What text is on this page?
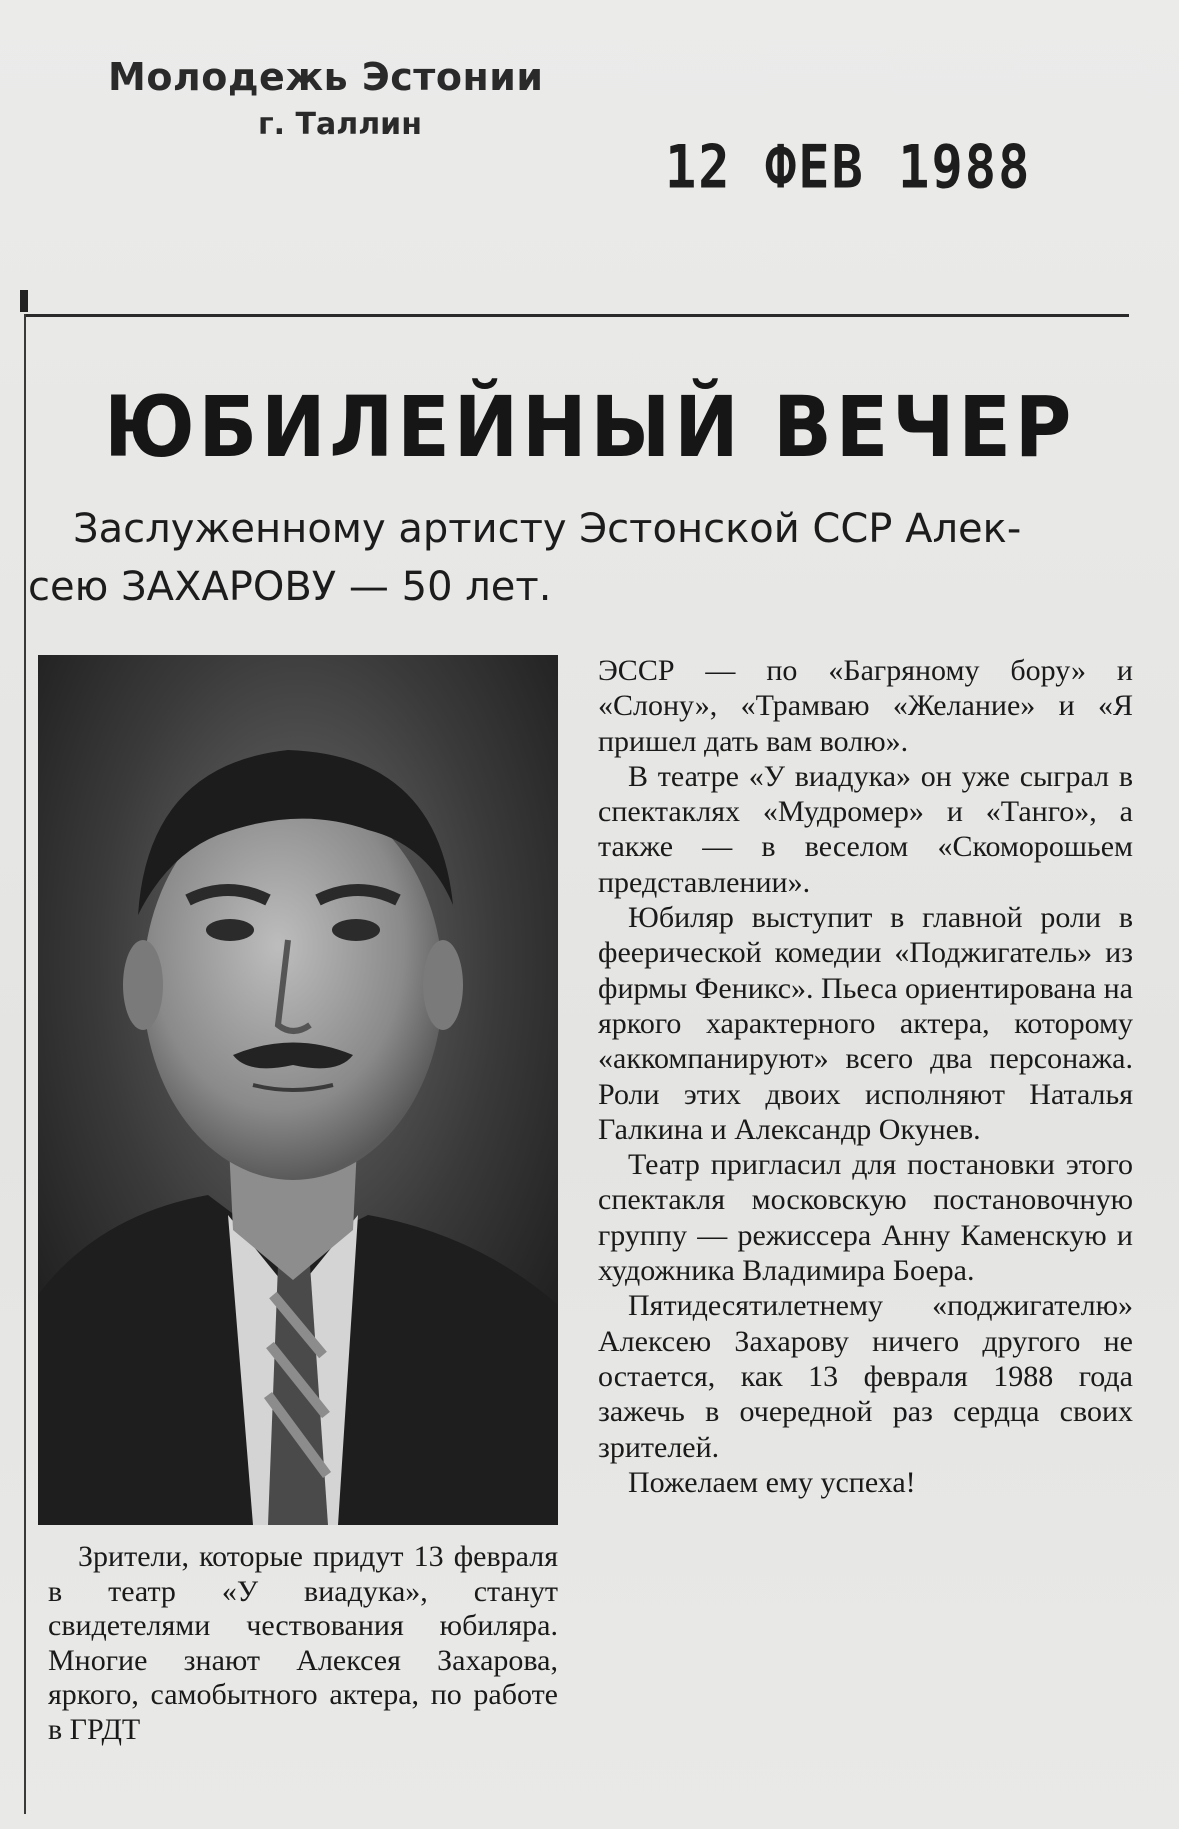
Молодежь Эстонии
г. Таллин
12 ФЕВ 1988
ЮБИЛЕЙНЫЙ ВЕЧЕР
Заслуженному артисту Эстонской ССР Алек-
сею ЗАХАРОВУ — 50 лет.

Зрители, которые придут 13 февраля в театр «У виадука», станут свидетелями чествования юбиляра. Многие знают Алексея Захарова, яркого, самобытного актера, по работе в ГРДТ

ЭССР — по «Багряному бору» и «Слону», «Трамваю «Желание» и «Я пришел дать вам волю».

В театре «У виадука» он уже сыграл в спектаклях «Мудромер» и «Танго», а также — в веселом «Скоморошьем представлении».

Юбиляр выступит в главной роли в феерической комедии «Поджигатель» из фирмы Феникс». Пьеса ориентирована на яркого характерного актера, которому «аккомпанируют» всего два персонажа. Роли этих двоих исполняют Наталья Галкина и Александр Окунев.

Театр пригласил для постановки этого спектакля московскую постановочную группу — режиссера Анну Каменскую и художника Владимира Боера.

Пятидесятилетнему «поджигателю» Алексею Захарову ничего другого не остается, как 13 февраля 1988 года зажечь в очередной раз сердца своих зрителей.

Пожелаем ему успеха!
